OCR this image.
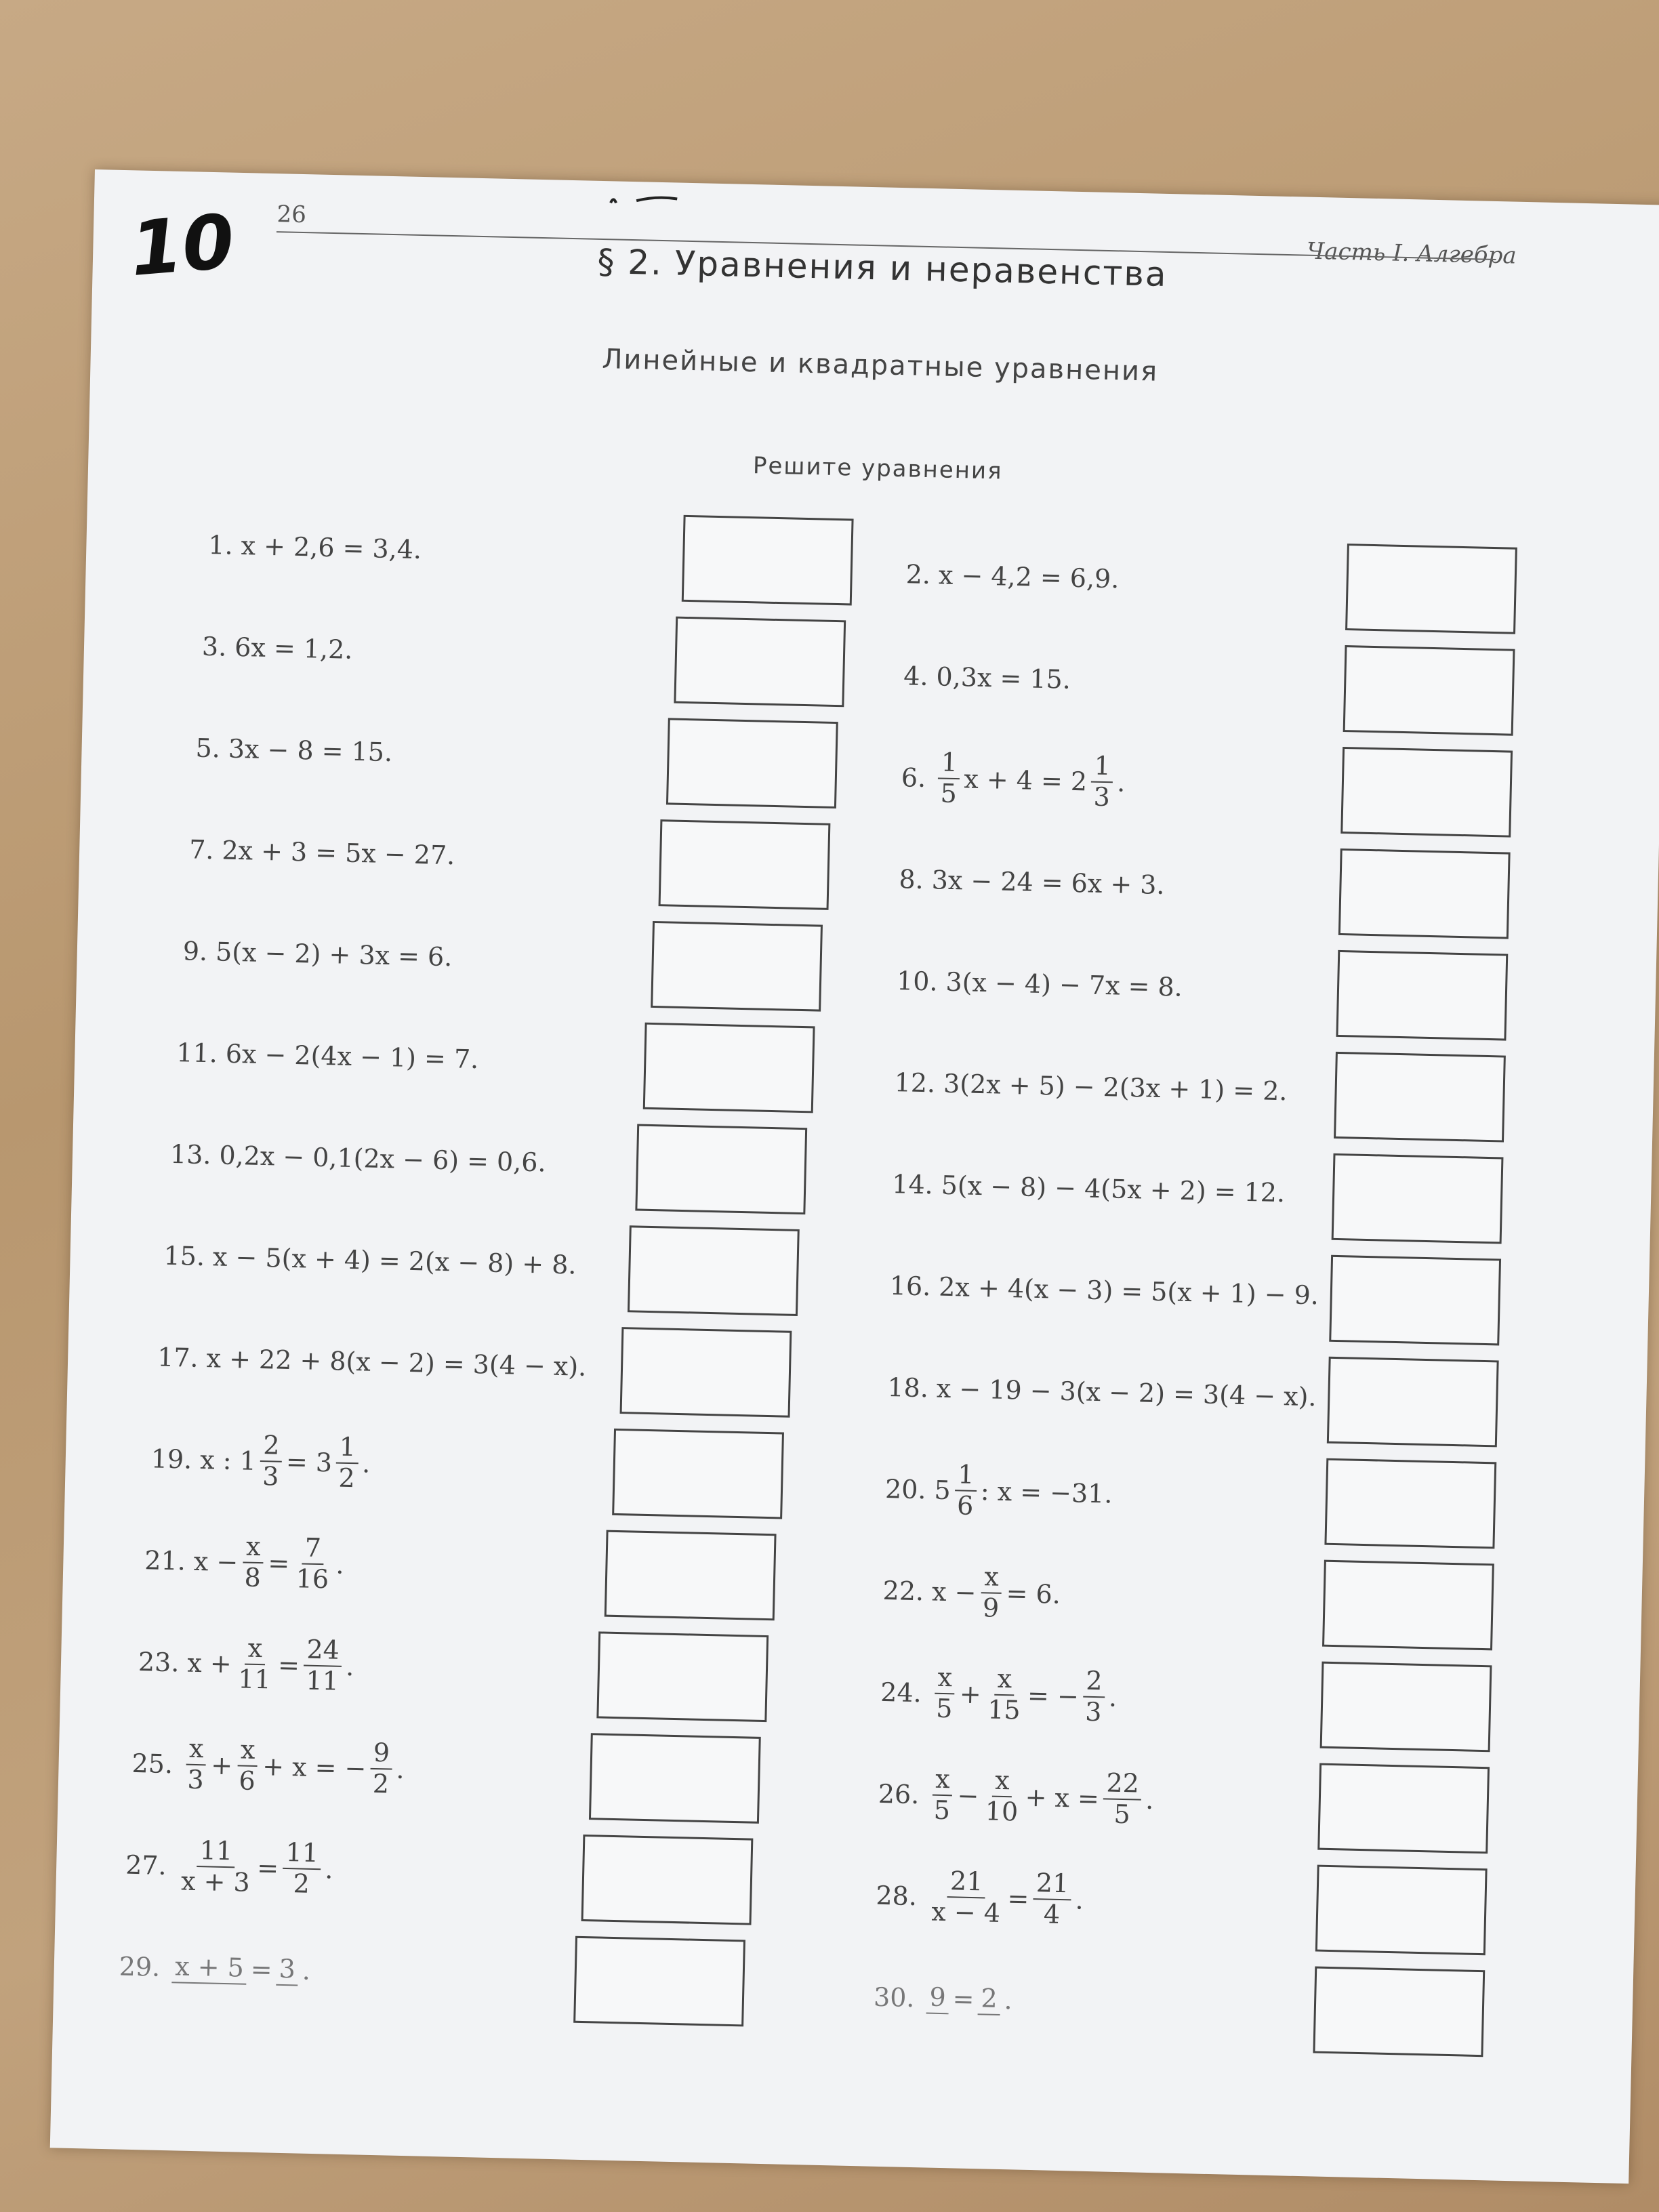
10 26
Часть I. Алгебра
§ 2. Уравнения и неравенства
Линейные и квадратные уравнения
Решите уравнения
1. x + 2,6 = 3,4.
2. x − 4,2 = 6,9.
3. 6x = 1,2.
4. 0,3x = 15.
5. 3x − 8 = 15.
6. $\frac{1}{5}$ $x + 4 = 2 \frac{1}{3}$ .
7. 2x + 3 = 5x − 27.
8. 3x − 24 = 6x + 3.
9. 5(x − 2) + 3x = 6.
10. 3(x − 4) − 7x = 8.
11. 6x − 2(4x − 1) = 7.
12. 3(2x + 5) − 2(3x + 1) = 2.
13. 0,2x − 0,1(2x − 6) = 0,6.
14. 5(x − 8) − 4(5x + 2) = 12.
15. x − 5(x + 4) = 2(x − 8) + 8.
16. 2x + 4(x − 3) = 5(x + 1) − 9.
17. x + 22 + 8(x − 2) = 3(4 − x).
18. x − 19 − 3(x − 2) = 3(4 − x).
19. x : $1 \frac{2}{3} = 3 \frac{1}{2}$ .
20. $5 \frac{1}{6}$ : x = −31.
21. $x - \frac{x}{8} = \frac{7}{16}$ .
22. $x - \frac{x}{9} = 6$.
23. $x + \frac{x}{11} = \frac{24}{11}$ .
24. $\frac{x}{5} + \frac{x}{15}$ = − $\frac{2}{3}$ .
25. $\frac{x}{3} + \frac{x}{6} + x$ = − $\frac{9}{2}$ .
26. $\frac{x}{5} - \frac{x}{10} + x = \frac{22}{5}$ .
27. $\frac{11}{x + 3} = \frac{11}{2}$ .
28. $\frac{21}{x - 4} = \frac{21}{4}$ .
29. x + 5 = 3 .
30. 9 = 2 .
